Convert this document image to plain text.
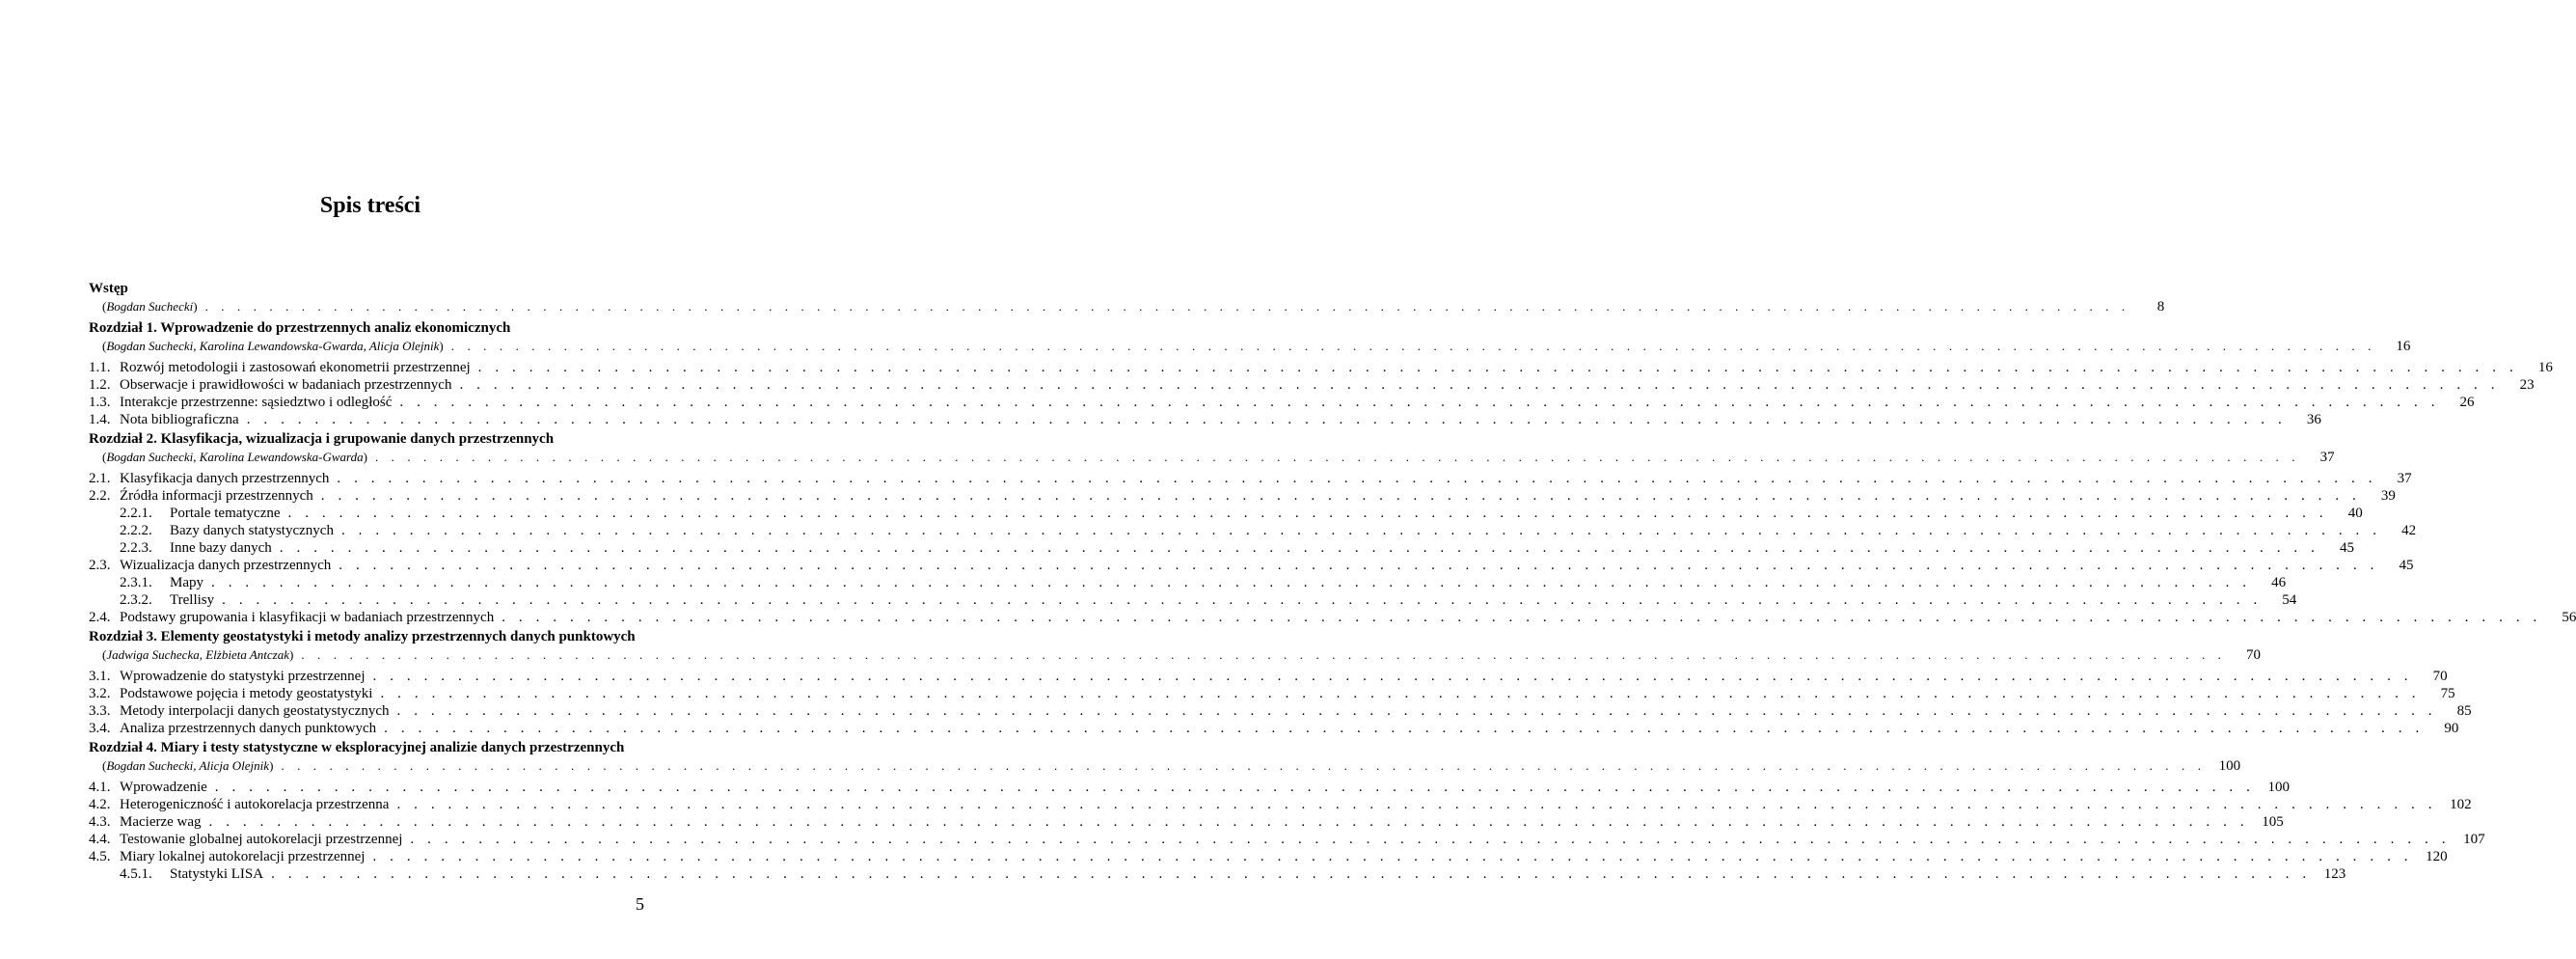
Spis treści
Wstęp
(Bogdan Suchecki) . . . . . . . . . . . . . . . . . . . . . . . . . . . . . . . . . . . . . . . . . . . . . . . . . . . . . . . . . . . . . . . . . . . . . . . . . . . . . . . . . . . . . . . . . . . . . . . . . . . . . . . . . . . . . . . . . . . . . . . .	8
Rozdział 1. Wprowadzenie do przestrzennych analiz ekonomicznych
(Bogdan Suchecki, Karolina Lewandowska-Gwarda, Alicja Olejnik) . . . . . . . . . . . . . . . . . . . . . . . . . . . . . . . . . . . . . . . . . . . . . . . . . . . . . . . . . . . . . . . . . . . . . . . . . . . . . . . . . . . . . . . . . . . . . . . . . . . . . . . . . . . . . . . . . . . . . . . .	16
1.1. Rozwój metodologii i zastosowań ekonometrii przestrzennej . . . . . . . . . . . . . . . . . . . . . . . . . . . . . . . . . . . . . . . . . . . . . . . . . . . . . . . . . . . . . . . . . . . . . . . . . . . . . . . . . . . . . . . . . . . . . . . . . . . . . . . . . . . . . . . . . . . . . . . .	16
1.2. Obserwacje i prawidłowości w badaniach przestrzennych . . . . . . . . . . . . . . . . . . . . . . . . . . . . . . . . . . . . . . . . . . . . . . . . . . . . . . . . . . . . . . . . . . . . . . . . . . . . . . . . . . . . . . . . . . . . . . . . . . . . . . . . . . . . . . . . . . . . . . . .	23
1.3. Interakcje przestrzenne: sąsiedztwo i odległość . . . . . . . . . . . . . . . . . . . . . . . . . . . . . . . . . . . . . . . . . . . . . . . . . . . . . . . . . . . . . . . . . . . . . . . . . . . . . . . . . . . . . . . . . . . . . . . . . . . . . . . . . . . . . . . . . . . . . . . .	26
1.4. Nota bibliograficzna . . . . . . . . . . . . . . . . . . . . . . . . . . . . . . . . . . . . . . . . . . . . . . . . . . . . . . . . . . . . . . . . . . . . . . . . . . . . . . . . . . . . . . . . . . . . . . . . . . . . . . . . . . . . . . . . . . . . . . . .	36
Rozdział 2. Klasyfikacja, wizualizacja i grupowanie danych przestrzennych
(Bogdan Suchecki, Karolina Lewandowska-Gwarda) . . . . . . . . . . . . . . . . . . . . . . . . . . . . . . . . . . . . . . . . . . . . . . . . . . . . . . . . . . . . . . . . . . . . . . . . . . . . . . . . . . . . . . . . . . . . . . . . . . . . . . . . . . . . . . . . . . . . . . . .	37
2.1. Klasyfikacja danych przestrzennych . . . . . . . . . . . . . . . . . . . . . . . . . . . . . . . . . . . . . . . . . . . . . . . . . . . . . . . . . . . . . . . . . . . . . . . . . . . . . . . . . . . . . . . . . . . . . . . . . . . . . . . . . . . . . . . . . . . . . . . .	37
2.2. Źródła informacji przestrzennych . . . . . . . . . . . . . . . . . . . . . . . . . . . . . . . . . . . . . . . . . . . . . . . . . . . . . . . . . . . . . . . . . . . . . . . . . . . . . . . . . . . . . . . . . . . . . . . . . . . . . . . . . . . . . . . . . . . . . . . .	39
2.2.1.	Portale tematyczne . . . . . . . . . . . . . . . . . . . . . . . . . . . . . . . . . . . . . . . . . . . . . . . . . . . . . . . . . . . . . . . . . . . . . . . . . . . . . . . . . . . . . . . . . . . . . . . . . . . . . . . . . . . . . . . . . . . . . . . .	40
2.2.2.	Bazy danych statystycznych . . . . . . . . . . . . . . . . . . . . . . . . . . . . . . . . . . . . . . . . . . . . . . . . . . . . . . . . . . . . . . . . . . . . . . . . . . . . . . . . . . . . . . . . . . . . . . . . . . . . . . . . . . . . . . . . . . . . . . . .	42
2.2.3.	Inne bazy danych . . . . . . . . . . . . . . . . . . . . . . . . . . . . . . . . . . . . . . . . . . . . . . . . . . . . . . . . . . . . . . . . . . . . . . . . . . . . . . . . . . . . . . . . . . . . . . . . . . . . . . . . . . . . . . . . . . . . . . . .	45
2.3. Wizualizacja danych przestrzennych . . . . . . . . . . . . . . . . . . . . . . . . . . . . . . . . . . . . . . . . . . . . . . . . . . . . . . . . . . . . . . . . . . . . . . . . . . . . . . . . . . . . . . . . . . . . . . . . . . . . . . . . . . . . . . . . . . . . . . . .	45
2.3.1.	Mapy . . . . . . . . . . . . . . . . . . . . . . . . . . . . . . . . . . . . . . . . . . . . . . . . . . . . . . . . . . . . . . . . . . . . . . . . . . . . . . . . . . . . . . . . . . . . . . . . . . . . . . . . . . . . . . . . . . . . . . . .	46
2.3.2.	Trellisy . . . . . . . . . . . . . . . . . . . . . . . . . . . . . . . . . . . . . . . . . . . . . . . . . . . . . . . . . . . . . . . . . . . . . . . . . . . . . . . . . . . . . . . . . . . . . . . . . . . . . . . . . . . . . . . . . . . . . . . .	54
2.4. Podstawy grupowania i klasyfikacji w badaniach przestrzennych . . . . . . . . . . . . . . . . . . . . . . . . . . . . . . . . . . . . . . . . . . . . . . . . . . . . . . . . . . . . . . . . . . . . . . . . . . . . . . . . . . . . . . . . . . . . . . . . . . . . . . . . . . . . . . . . . . . . . . . .	56
Rozdział 3. Elementy geostatystyki i metody analizy przestrzennych danych punktowych
(Jadwiga Suchecka, Elżbieta Antczak) . . . . . . . . . . . . . . . . . . . . . . . . . . . . . . . . . . . . . . . . . . . . . . . . . . . . . . . . . . . . . . . . . . . . . . . . . . . . . . . . . . . . . . . . . . . . . . . . . . . . . . . . . . . . . . . . . . . . . . . .	70
3.1. Wprowadzenie do statystyki przestrzennej . . . . . . . . . . . . . . . . . . . . . . . . . . . . . . . . . . . . . . . . . . . . . . . . . . . . . . . . . . . . . . . . . . . . . . . . . . . . . . . . . . . . . . . . . . . . . . . . . . . . . . . . . . . . . . . . . . . . . . . .	70
3.2. Podstawowe pojęcia i metody geostatystyki . . . . . . . . . . . . . . . . . . . . . . . . . . . . . . . . . . . . . . . . . . . . . . . . . . . . . . . . . . . . . . . . . . . . . . . . . . . . . . . . . . . . . . . . . . . . . . . . . . . . . . . . . . . . . . . . . . . . . . . .	75
3.3. Metody interpolacji danych geostatystycznych . . . . . . . . . . . . . . . . . . . . . . . . . . . . . . . . . . . . . . . . . . . . . . . . . . . . . . . . . . . . . . . . . . . . . . . . . . . . . . . . . . . . . . . . . . . . . . . . . . . . . . . . . . . . . . . . . . . . . . . .	85
3.4. Analiza przestrzennych danych punktowych . . . . . . . . . . . . . . . . . . . . . . . . . . . . . . . . . . . . . . . . . . . . . . . . . . . . . . . . . . . . . . . . . . . . . . . . . . . . . . . . . . . . . . . . . . . . . . . . . . . . . . . . . . . . . . . . . . . . . . . .	90
Rozdział 4. Miary i testy statystyczne w eksploracyjnej analizie danych przestrzennych
(Bogdan Suchecki, Alicja Olejnik) . . . . . . . . . . . . . . . . . . . . . . . . . . . . . . . . . . . . . . . . . . . . . . . . . . . . . . . . . . . . . . . . . . . . . . . . . . . . . . . . . . . . . . . . . . . . . . . . . . . . . . . . . . . . . . . . . . . . . . . . 100
4.1. Wprowadzenie . . . . . . . . . . . . . . . . . . . . . . . . . . . . . . . . . . . . . . . . . . . . . . . . . . . . . . . . . . . . . . . . . . . . . . . . . . . . . . . . . . . . . . . . . . . . . . . . . . . . . . . . . . . . . . . . . . . . . . . . 100
4.2. Heterogeniczność i autokorelacja przestrzenna . . . . . . . . . . . . . . . . . . . . . . . . . . . . . . . . . . . . . . . . . . . . . . . . . . . . . . . . . . . . . . . . . . . . . . . . . . . . . . . . . . . . . . . . . . . . . . . . . . . . . . . . . . . . . . . . . . . . . . . . 102
4.3. Macierze wag . . . . . . . . . . . . . . . . . . . . . . . . . . . . . . . . . . . . . . . . . . . . . . . . . . . . . . . . . . . . . . . . . . . . . . . . . . . . . . . . . . . . . . . . . . . . . . . . . . . . . . . . . . . . . . . . . . . . . . . . 105
4.4. Testowanie globalnej autokorelacji przestrzennej . . . . . . . . . . . . . . . . . . . . . . . . . . . . . . . . . . . . . . . . . . . . . . . . . . . . . . . . . . . . . . . . . . . . . . . . . . . . . . . . . . . . . . . . . . . . . . . . . . . . . . . . . . . . . . . . . . . . . . . . 107
4.5. Miary lokalnej autokorelacji przestrzennej . . . . . . . . . . . . . . . . . . . . . . . . . . . . . . . . . . . . . . . . . . . . . . . . . . . . . . . . . . . . . . . . . . . . . . . . . . . . . . . . . . . . . . . . . . . . . . . . . . . . . . . . . . . . . . . . . . . . . . . . 120
4.5.1.	Statystyki LISA . . . . . . . . . . . . . . . . . . . . . . . . . . . . . . . . . . . . . . . . . . . . . . . . . . . . . . . . . . . . . . . . . . . . . . . . . . . . . . . . . . . . . . . . . . . . . . . . . . . . . . . . . . . . . . . . . . . . . . . . 123
5
